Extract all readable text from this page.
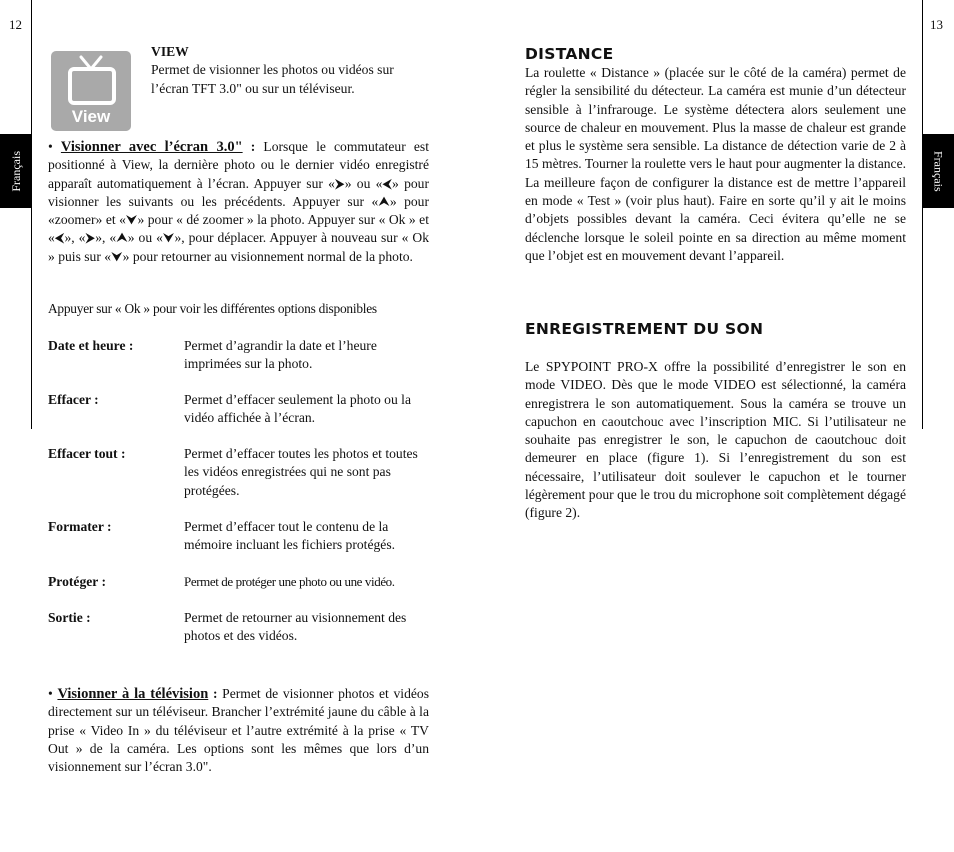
12
Français
View
VIEW
Permet de visionner les photos ou vidéos sur l’écran TFT 3.0" ou sur un téléviseur.
• Visionner avec l’écran 3.0" : Lorsque le commutateur est positionné à View, la dernière photo ou le dernier vidéo enregistré apparaît automatiquement à l’écran. Appuyer sur «⮞» ou «⮜» pour visionner les suivants ou les précédents. Appuyer sur «⮝» pour «zoomer» et «⮟» pour « dé zoomer » la photo. Appuyer sur « Ok » et «⮜», «⮞», «⮝» ou «⮟», pour déplacer. Appuyer à nouveau sur « Ok » puis sur «⮟» pour retourner au visionnement normal de la photo.
Appuyer sur « Ok » pour voir les différentes options disponibles
Date et heure :	Permet d’agrandir la date et l’heure imprimées sur la photo.
Effacer :	Permet d’effacer seulement la photo ou la vidéo affichée à l’écran.
Effacer tout :	Permet d’effacer toutes les photos et toutes les vidéos enregistrées qui ne sont pas protégées.
Formater :	Permet d’effacer tout le contenu de la mémoire incluant les fichiers protégés.
Protéger :	Permet de protéger une photo ou une vidéo.
Sortie :	Permet de retourner au visionnement des photos et des vidéos.
• Visionner à la télévision : Permet de visionner photos et vidéos directement sur un téléviseur. Brancher l’extrémité jaune du câble à la prise « Video In » du téléviseur et l’autre extrémité à la prise « TV Out » de la caméra. Les options sont les mêmes que lors d’un visionnement sur l’écran 3.0".
13
Français
DISTANCE
La roulette « Distance » (placée sur le côté de la caméra) permet de régler la sensibilité du détecteur. La caméra est munie d’un détecteur sensible à l’infrarouge. Le système détectera alors seulement une source de chaleur en mouvement. Plus la masse de chaleur est grande et plus le système sera sensible. La distance de détection varie de 2 à 15 mètres. Tourner la roulette vers le haut pour augmenter la distance. La meilleure façon de configurer la distance est de mettre l’appareil en mode « Test » (voir plus haut). Faire en sorte qu’il y ait le moins d’objets possibles devant la caméra. Ceci évitera qu’elle ne se déclenche lorsque le soleil pointe en sa direction au même moment que l’objet est en mouvement devant l’appareil.
ENREGISTREMENT DU SON
Le SPYPOINT PRO-X offre la possibilité d’enregistrer le son en mode VIDEO. Dès que le mode VIDEO est sélectionné, la caméra enregistrera le son automatiquement. Sous la caméra se trouve un capuchon en caoutchouc avec l’inscription MIC. Si l’utilisateur ne souhaite pas enregistrer le son, le capuchon de caoutchouc doit demeurer en place (figure 1). Si l’enregistrement du son est nécessaire, l’utilisateur doit soulever le capuchon et le tourner légèrement pour que le trou du microphone soit complètement dégagé (figure 2).
